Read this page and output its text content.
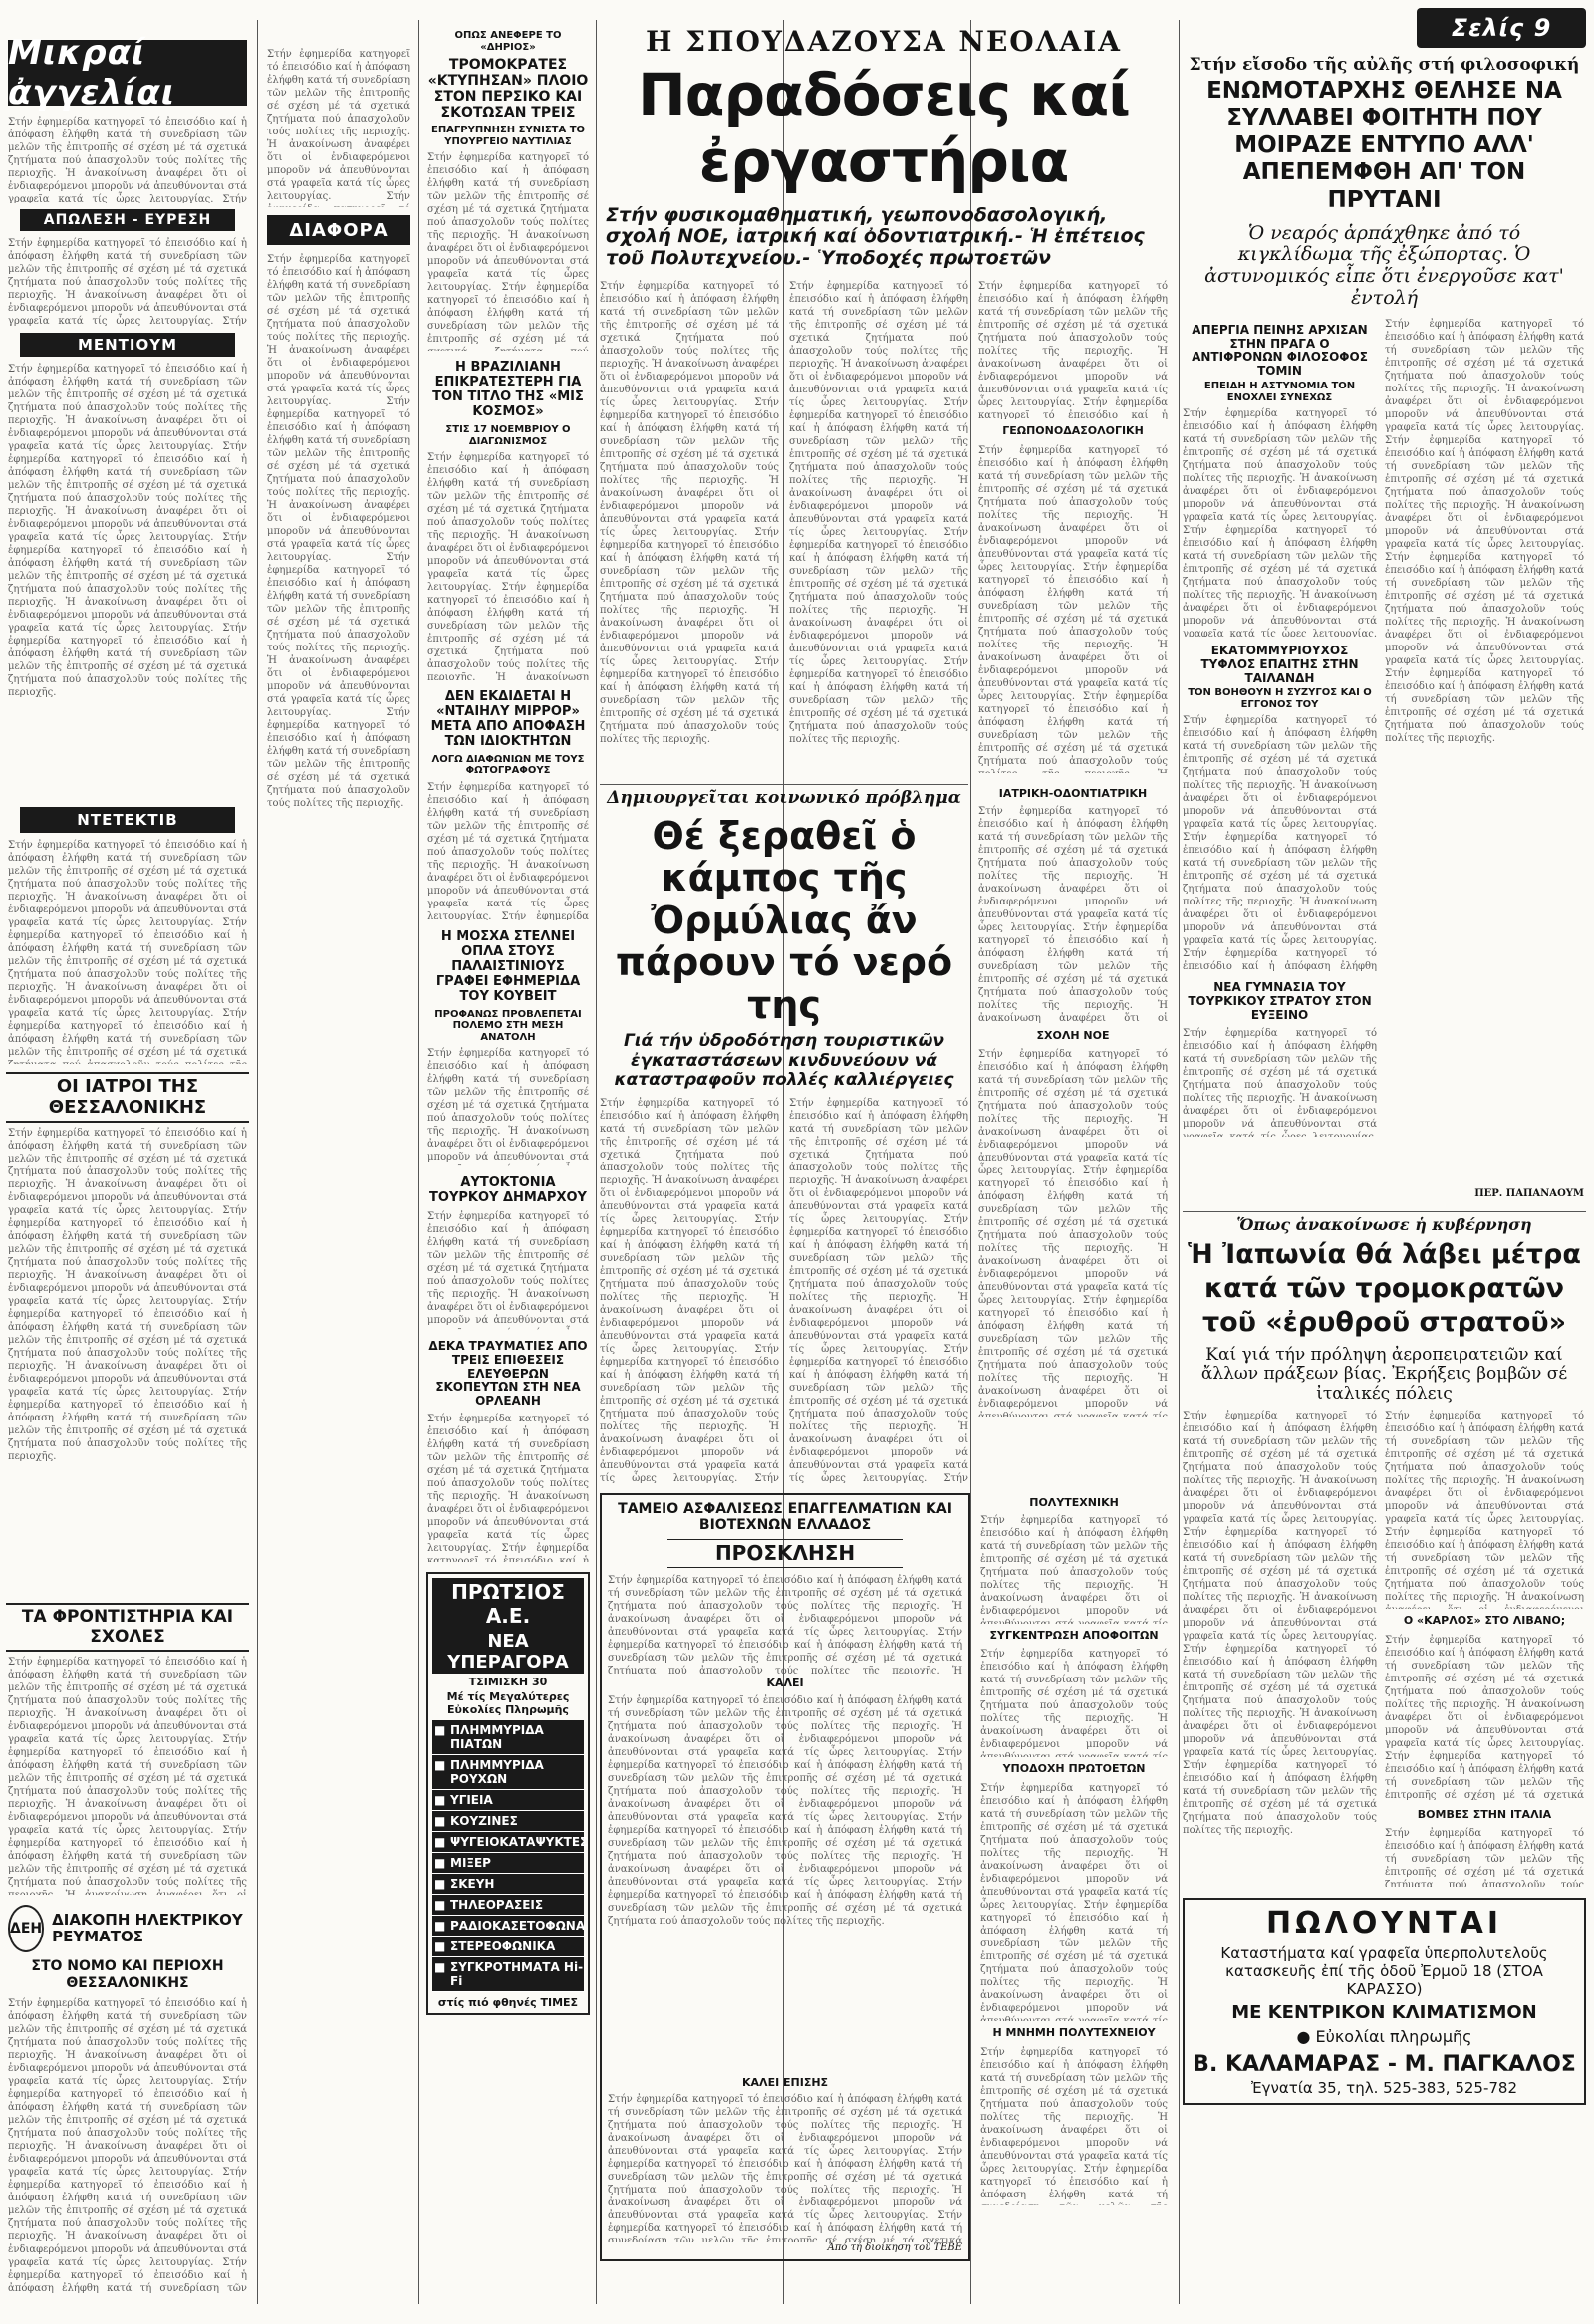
Μικραί ἀγγελίαι
Στήν ἐφημερίδα κατηγορεῖ τό ἐπεισόδιο καί ἡ ἀπόφαση ἐλήφθη κατά τή συνεδρίαση τῶν μελῶν τῆς ἐπιτροπῆς σέ σχέση μέ τά σχετικά ζητήματα πού ἀπασχολοῦν τούς πολίτες τῆς περιοχῆς. Ἡ ἀνακοίνωση ἀναφέρει ὅτι οἱ ἐνδιαφερόμενοι μποροῦν νά ἀπευθύνονται στά γραφεῖα κατά τίς ὧρες λειτουργίας. Στήν ἐφημερίδα κατηγορεῖ τό ἐπεισόδιο καί ἡ ἀπόφαση ἐλήφθη κατά τή συνεδρίαση τῶν μελῶν τῆς ἐπιτροπῆς σέ σχέση μέ τά σχετικά ζητήματα πού ἀπασχολοῦν τούς πολίτες τῆς περιοχῆς. Ἡ ἀνακοίνωση ἀναφέρει ὅτι οἱ ἐνδιαφερόμενοι μποροῦν νά ἀπευθύνονται στά γραφεῖα κατά τίς ὧρες λειτουργίας. Στήν ἐφημερίδα κατηγορεῖ τό ἐπεισόδιο καί ἡ ἀπόφαση ἐλήφθη κατά τή συνεδρίαση τῶν μελῶν τῆς ἐπιτροπῆς σέ σχέση μέ τά σχετικά ζητήματα πού ἀπασχολοῦν τούς πολίτες τῆς περιοχῆς. Ἡ ἀνακοίνωση ἀναφέρει ὅτι οἱ ἐνδιαφερόμενοι μποροῦν νά ἀπευθύνονται στά γραφεῖα κατά τίς ὧρες λειτουργίας. Στήν ἐφημερίδα κατηγορεῖ τό ἐπεισόδιο καί ἡ ἀπόφαση ἐλήφθη κατά τή συνεδρίαση τῶν μελῶν τῆς ἐπιτροπῆς σέ σχέση μέ τά σχετικά ζητήματα πού ἀπασχολοῦν τούς πολίτες τῆς περιοχῆς.
ΑΠΩΛΕΣΗ - ΕΥΡΕΣΗ
Στήν ἐφημερίδα κατηγορεῖ τό ἐπεισόδιο καί ἡ ἀπόφαση ἐλήφθη κατά τή συνεδρίαση τῶν μελῶν τῆς ἐπιτροπῆς σέ σχέση μέ τά σχετικά ζητήματα πού ἀπασχολοῦν τούς πολίτες τῆς περιοχῆς. Ἡ ἀνακοίνωση ἀναφέρει ὅτι οἱ ἐνδιαφερόμενοι μποροῦν νά ἀπευθύνονται στά γραφεῖα κατά τίς ὧρες λειτουργίας. Στήν ἐφημερίδα κατηγορεῖ τό ἐπεισόδιο καί ἡ ἀπόφαση ἐλήφθη κατά τή συνεδρίαση τῶν μελῶν τῆς ἐπιτροπῆς σέ σχέση μέ τά σχετικά ζητήματα πού ἀπασχολοῦν τούς πολίτες τῆς περιοχῆς. Ἡ ἀνακοίνωση ἀναφέρει ὅτι οἱ ἐνδιαφερόμενοι μποροῦν νά ἀπευθύνονται στά γραφεῖα κατά τίς ὧρες λειτουργίας. Στήν ἐφημερίδα κατηγορεῖ τό ἐπεισόδιο καί ἡ ἀπόφαση ἐλήφθη κατά τή συνεδρίαση τῶν μελῶν τῆς ἐπιτροπῆς σέ σχέση μέ τά σχετικά ζητήματα πού ἀπασχολοῦν τούς πολίτες τῆς περιοχῆς. Ἡ ἀνακοίνωση ἀναφέρει ὅτι οἱ ἐνδιαφερόμενοι μποροῦν νά ἀπευθύνονται στά γραφεῖα κατά τίς ὧρες λειτουργίας. Στήν ἐφημερίδα κατηγορεῖ τό ἐπεισόδιο καί ἡ ἀπόφαση ἐλήφθη κατά τή συνεδρίαση τῶν μελῶν τῆς ἐπιτροπῆς σέ σχέση μέ τά σχετικά ζητήματα πού ἀπασχολοῦν τούς πολίτες τῆς περιοχῆς.
ΜΕΝΤΙΟΥΜ
Στήν ἐφημερίδα κατηγορεῖ τό ἐπεισόδιο καί ἡ ἀπόφαση ἐλήφθη κατά τή συνεδρίαση τῶν μελῶν τῆς ἐπιτροπῆς σέ σχέση μέ τά σχετικά ζητήματα πού ἀπασχολοῦν τούς πολίτες τῆς περιοχῆς. Ἡ ἀνακοίνωση ἀναφέρει ὅτι οἱ ἐνδιαφερόμενοι μποροῦν νά ἀπευθύνονται στά γραφεῖα κατά τίς ὧρες λειτουργίας. Στήν ἐφημερίδα κατηγορεῖ τό ἐπεισόδιο καί ἡ ἀπόφαση ἐλήφθη κατά τή συνεδρίαση τῶν μελῶν τῆς ἐπιτροπῆς σέ σχέση μέ τά σχετικά ζητήματα πού ἀπασχολοῦν τούς πολίτες τῆς περιοχῆς. Ἡ ἀνακοίνωση ἀναφέρει ὅτι οἱ ἐνδιαφερόμενοι μποροῦν νά ἀπευθύνονται στά γραφεῖα κατά τίς ὧρες λειτουργίας. Στήν ἐφημερίδα κατηγορεῖ τό ἐπεισόδιο καί ἡ ἀπόφαση ἐλήφθη κατά τή συνεδρίαση τῶν μελῶν τῆς ἐπιτροπῆς σέ σχέση μέ τά σχετικά ζητήματα πού ἀπασχολοῦν τούς πολίτες τῆς περιοχῆς. Ἡ ἀνακοίνωση ἀναφέρει ὅτι οἱ ἐνδιαφερόμενοι μποροῦν νά ἀπευθύνονται στά γραφεῖα κατά τίς ὧρες λειτουργίας. Στήν ἐφημερίδα κατηγορεῖ τό ἐπεισόδιο καί ἡ ἀπόφαση ἐλήφθη κατά τή συνεδρίαση τῶν μελῶν τῆς ἐπιτροπῆς σέ σχέση μέ τά σχετικά ζητήματα πού ἀπασχολοῦν τούς πολίτες τῆς περιοχῆς.
ΝΤΕΤΕΚΤΙΒ
Στήν ἐφημερίδα κατηγορεῖ τό ἐπεισόδιο καί ἡ ἀπόφαση ἐλήφθη κατά τή συνεδρίαση τῶν μελῶν τῆς ἐπιτροπῆς σέ σχέση μέ τά σχετικά ζητήματα πού ἀπασχολοῦν τούς πολίτες τῆς περιοχῆς. Ἡ ἀνακοίνωση ἀναφέρει ὅτι οἱ ἐνδιαφερόμενοι μποροῦν νά ἀπευθύνονται στά γραφεῖα κατά τίς ὧρες λειτουργίας. Στήν ἐφημερίδα κατηγορεῖ τό ἐπεισόδιο καί ἡ ἀπόφαση ἐλήφθη κατά τή συνεδρίαση τῶν μελῶν τῆς ἐπιτροπῆς σέ σχέση μέ τά σχετικά ζητήματα πού ἀπασχολοῦν τούς πολίτες τῆς περιοχῆς. Ἡ ἀνακοίνωση ἀναφέρει ὅτι οἱ ἐνδιαφερόμενοι μποροῦν νά ἀπευθύνονται στά γραφεῖα κατά τίς ὧρες λειτουργίας. Στήν ἐφημερίδα κατηγορεῖ τό ἐπεισόδιο καί ἡ ἀπόφαση ἐλήφθη κατά τή συνεδρίαση τῶν μελῶν τῆς ἐπιτροπῆς σέ σχέση μέ τά σχετικά ζητήματα πού ἀπασχολοῦν τούς πολίτες τῆς περιοχῆς. Ἡ ἀνακοίνωση ἀναφέρει ὅτι οἱ ἐνδιαφερόμενοι μποροῦν νά ἀπευθύνονται στά γραφεῖα κατά τίς ὧρες λειτουργίας. Στήν ἐφημερίδα κατηγορεῖ τό ἐπεισόδιο καί ἡ ἀπόφαση ἐλήφθη κατά τή συνεδρίαση τῶν μελῶν τῆς ἐπιτροπῆς σέ σχέση μέ τά σχετικά ζητήματα πού ἀπασχολοῦν τούς πολίτες τῆς περιοχῆς.
ΟΙ ΙΑΤΡΟΙ ΤΗΣ ΘΕΣΣΑΛΟΝΙΚΗΣ
Στήν ἐφημερίδα κατηγορεῖ τό ἐπεισόδιο καί ἡ ἀπόφαση ἐλήφθη κατά τή συνεδρίαση τῶν μελῶν τῆς ἐπιτροπῆς σέ σχέση μέ τά σχετικά ζητήματα πού ἀπασχολοῦν τούς πολίτες τῆς περιοχῆς. Ἡ ἀνακοίνωση ἀναφέρει ὅτι οἱ ἐνδιαφερόμενοι μποροῦν νά ἀπευθύνονται στά γραφεῖα κατά τίς ὧρες λειτουργίας. Στήν ἐφημερίδα κατηγορεῖ τό ἐπεισόδιο καί ἡ ἀπόφαση ἐλήφθη κατά τή συνεδρίαση τῶν μελῶν τῆς ἐπιτροπῆς σέ σχέση μέ τά σχετικά ζητήματα πού ἀπασχολοῦν τούς πολίτες τῆς περιοχῆς. Ἡ ἀνακοίνωση ἀναφέρει ὅτι οἱ ἐνδιαφερόμενοι μποροῦν νά ἀπευθύνονται στά γραφεῖα κατά τίς ὧρες λειτουργίας. Στήν ἐφημερίδα κατηγορεῖ τό ἐπεισόδιο καί ἡ ἀπόφαση ἐλήφθη κατά τή συνεδρίαση τῶν μελῶν τῆς ἐπιτροπῆς σέ σχέση μέ τά σχετικά ζητήματα πού ἀπασχολοῦν τούς πολίτες τῆς περιοχῆς. Ἡ ἀνακοίνωση ἀναφέρει ὅτι οἱ ἐνδιαφερόμενοι μποροῦν νά ἀπευθύνονται στά γραφεῖα κατά τίς ὧρες λειτουργίας. Στήν ἐφημερίδα κατηγορεῖ τό ἐπεισόδιο καί ἡ ἀπόφαση ἐλήφθη κατά τή συνεδρίαση τῶν μελῶν τῆς ἐπιτροπῆς σέ σχέση μέ τά σχετικά ζητήματα πού ἀπασχολοῦν τούς πολίτες τῆς περιοχῆς.
ΤΑ ΦΡΟΝΤΙΣΤΗΡΙΑ ΚΑΙ ΣΧΟΛΕΣ
Στήν ἐφημερίδα κατηγορεῖ τό ἐπεισόδιο καί ἡ ἀπόφαση ἐλήφθη κατά τή συνεδρίαση τῶν μελῶν τῆς ἐπιτροπῆς σέ σχέση μέ τά σχετικά ζητήματα πού ἀπασχολοῦν τούς πολίτες τῆς περιοχῆς. Ἡ ἀνακοίνωση ἀναφέρει ὅτι οἱ ἐνδιαφερόμενοι μποροῦν νά ἀπευθύνονται στά γραφεῖα κατά τίς ὧρες λειτουργίας. Στήν ἐφημερίδα κατηγορεῖ τό ἐπεισόδιο καί ἡ ἀπόφαση ἐλήφθη κατά τή συνεδρίαση τῶν μελῶν τῆς ἐπιτροπῆς σέ σχέση μέ τά σχετικά ζητήματα πού ἀπασχολοῦν τούς πολίτες τῆς περιοχῆς. Ἡ ἀνακοίνωση ἀναφέρει ὅτι οἱ ἐνδιαφερόμενοι μποροῦν νά ἀπευθύνονται στά γραφεῖα κατά τίς ὧρες λειτουργίας. Στήν ἐφημερίδα κατηγορεῖ τό ἐπεισόδιο καί ἡ ἀπόφαση ἐλήφθη κατά τή συνεδρίαση τῶν μελῶν τῆς ἐπιτροπῆς σέ σχέση μέ τά σχετικά ζητήματα πού ἀπασχολοῦν τούς πολίτες τῆς περιοχῆς. Ἡ ἀνακοίνωση ἀναφέρει ὅτι οἱ ἐνδιαφερόμενοι μποροῦν νά ἀπευθύνονται στά γραφεῖα κατά τίς ὧρες λειτουργίας. Στήν ἐφημερίδα κατηγορεῖ τό ἐπεισόδιο καί ἡ ἀπόφαση ἐλήφθη κατά τή συνεδρίαση τῶν μελῶν τῆς ἐπιτροπῆς σέ σχέση μέ τά σχετικά ζητήματα πού ἀπασχολοῦν τούς πολίτες τῆς περιοχῆς.
ΔΕΗ
ΔΙΑΚΟΠΗ ΗΛΕΚΤΡΙΚΟΥ ΡΕΥΜΑΤΟΣ
ΣΤΟ ΝΟΜΟ ΚΑΙ ΠΕΡΙΟΧΗ ΘΕΣΣΑΛΟΝΙΚΗΣ
Στήν ἐφημερίδα κατηγορεῖ τό ἐπεισόδιο καί ἡ ἀπόφαση ἐλήφθη κατά τή συνεδρίαση τῶν μελῶν τῆς ἐπιτροπῆς σέ σχέση μέ τά σχετικά ζητήματα πού ἀπασχολοῦν τούς πολίτες τῆς περιοχῆς. Ἡ ἀνακοίνωση ἀναφέρει ὅτι οἱ ἐνδιαφερόμενοι μποροῦν νά ἀπευθύνονται στά γραφεῖα κατά τίς ὧρες λειτουργίας. Στήν ἐφημερίδα κατηγορεῖ τό ἐπεισόδιο καί ἡ ἀπόφαση ἐλήφθη κατά τή συνεδρίαση τῶν μελῶν τῆς ἐπιτροπῆς σέ σχέση μέ τά σχετικά ζητήματα πού ἀπασχολοῦν τούς πολίτες τῆς περιοχῆς. Ἡ ἀνακοίνωση ἀναφέρει ὅτι οἱ ἐνδιαφερόμενοι μποροῦν νά ἀπευθύνονται στά γραφεῖα κατά τίς ὧρες λειτουργίας. Στήν ἐφημερίδα κατηγορεῖ τό ἐπεισόδιο καί ἡ ἀπόφαση ἐλήφθη κατά τή συνεδρίαση τῶν μελῶν τῆς ἐπιτροπῆς σέ σχέση μέ τά σχετικά ζητήματα πού ἀπασχολοῦν τούς πολίτες τῆς περιοχῆς. Ἡ ἀνακοίνωση ἀναφέρει ὅτι οἱ ἐνδιαφερόμενοι μποροῦν νά ἀπευθύνονται στά γραφεῖα κατά τίς ὧρες λειτουργίας. Στήν ἐφημερίδα κατηγορεῖ τό ἐπεισόδιο καί ἡ ἀπόφαση ἐλήφθη κατά τή συνεδρίαση τῶν μελῶν τῆς ἐπιτροπῆς σέ σχέση μέ τά σχετικά ζητήματα πού ἀπασχολοῦν τούς πολίτες τῆς περιοχῆς.
Στήν ἐφημερίδα κατηγορεῖ τό ἐπεισόδιο καί ἡ ἀπόφαση ἐλήφθη κατά τή συνεδρίαση τῶν μελῶν τῆς ἐπιτροπῆς σέ σχέση μέ τά σχετικά ζητήματα πού ἀπασχολοῦν τούς πολίτες τῆς περιοχῆς. Ἡ ἀνακοίνωση ἀναφέρει ὅτι οἱ ἐνδιαφερόμενοι μποροῦν νά ἀπευθύνονται στά γραφεῖα κατά τίς ὧρες λειτουργίας. Στήν ἐφημερίδα κατηγορεῖ τό ἐπεισόδιο καί ἡ ἀπόφαση ἐλήφθη κατά τή συνεδρίαση τῶν μελῶν τῆς ἐπιτροπῆς σέ σχέση μέ τά σχετικά ζητήματα πού ἀπασχολοῦν τούς πολίτες τῆς περιοχῆς. Ἡ ἀνακοίνωση ἀναφέρει ὅτι οἱ ἐνδιαφερόμενοι μποροῦν νά ἀπευθύνονται στά γραφεῖα κατά τίς ὧρες λειτουργίας. Στήν ἐφημερίδα κατηγορεῖ τό ἐπεισόδιο καί ἡ ἀπόφαση ἐλήφθη κατά τή συνεδρίαση τῶν μελῶν τῆς ἐπιτροπῆς σέ σχέση μέ τά σχετικά ζητήματα πού ἀπασχολοῦν τούς πολίτες τῆς περιοχῆς. Ἡ ἀνακοίνωση ἀναφέρει ὅτι οἱ ἐνδιαφερόμενοι μποροῦν νά ἀπευθύνονται στά γραφεῖα κατά τίς ὧρες λειτουργίας. Στήν ἐφημερίδα κατηγορεῖ τό ἐπεισόδιο καί ἡ ἀπόφαση ἐλήφθη κατά τή συνεδρίαση τῶν μελῶν τῆς ἐπιτροπῆς σέ σχέση μέ τά σχετικά ζητήματα πού ἀπασχολοῦν τούς πολίτες τῆς περιοχῆς.
ΔΙΑΦΟΡΑ
Στήν ἐφημερίδα κατηγορεῖ τό ἐπεισόδιο καί ἡ ἀπόφαση ἐλήφθη κατά τή συνεδρίαση τῶν μελῶν τῆς ἐπιτροπῆς σέ σχέση μέ τά σχετικά ζητήματα πού ἀπασχολοῦν τούς πολίτες τῆς περιοχῆς. Ἡ ἀνακοίνωση ἀναφέρει ὅτι οἱ ἐνδιαφερόμενοι μποροῦν νά ἀπευθύνονται στά γραφεῖα κατά τίς ὧρες λειτουργίας. Στήν ἐφημερίδα κατηγορεῖ τό ἐπεισόδιο καί ἡ ἀπόφαση ἐλήφθη κατά τή συνεδρίαση τῶν μελῶν τῆς ἐπιτροπῆς σέ σχέση μέ τά σχετικά ζητήματα πού ἀπασχολοῦν τούς πολίτες τῆς περιοχῆς. Ἡ ἀνακοίνωση ἀναφέρει ὅτι οἱ ἐνδιαφερόμενοι μποροῦν νά ἀπευθύνονται στά γραφεῖα κατά τίς ὧρες λειτουργίας. Στήν ἐφημερίδα κατηγορεῖ τό ἐπεισόδιο καί ἡ ἀπόφαση ἐλήφθη κατά τή συνεδρίαση τῶν μελῶν τῆς ἐπιτροπῆς σέ σχέση μέ τά σχετικά ζητήματα πού ἀπασχολοῦν τούς πολίτες τῆς περιοχῆς. Ἡ ἀνακοίνωση ἀναφέρει ὅτι οἱ ἐνδιαφερόμενοι μποροῦν νά ἀπευθύνονται στά γραφεῖα κατά τίς ὧρες λειτουργίας. Στήν ἐφημερίδα κατηγορεῖ τό ἐπεισόδιο καί ἡ ἀπόφαση ἐλήφθη κατά τή συνεδρίαση τῶν μελῶν τῆς ἐπιτροπῆς σέ σχέση μέ τά σχετικά ζητήματα πού ἀπασχολοῦν τούς πολίτες τῆς περιοχῆς.
ΟΠΩΣ ΑΝΕΦΕΡΕ ΤΟ «ΔΗΡΙΟΣ»
ΤΡΟΜΟΚΡΑΤΕΣ «ΚΤΥΠΗΣΑΝ» ΠΛΟΙΟ ΣΤΟΝ ΠΕΡΣΙΚΟ ΚΑΙ ΣΚΟΤΩΣΑΝ ΤΡΕΙΣ
ΕΠΑΓΡΥΠΝΗΣΗ ΣΥΝΙΣΤΑ ΤΟ ΥΠΟΥΡΓΕΙΟ ΝΑΥΤΙΛΙΑΣ
Στήν ἐφημερίδα κατηγορεῖ τό ἐπεισόδιο καί ἡ ἀπόφαση ἐλήφθη κατά τή συνεδρίαση τῶν μελῶν τῆς ἐπιτροπῆς σέ σχέση μέ τά σχετικά ζητήματα πού ἀπασχολοῦν τούς πολίτες τῆς περιοχῆς. Ἡ ἀνακοίνωση ἀναφέρει ὅτι οἱ ἐνδιαφερόμενοι μποροῦν νά ἀπευθύνονται στά γραφεῖα κατά τίς ὧρες λειτουργίας. Στήν ἐφημερίδα κατηγορεῖ τό ἐπεισόδιο καί ἡ ἀπόφαση ἐλήφθη κατά τή συνεδρίαση τῶν μελῶν τῆς ἐπιτροπῆς σέ σχέση μέ τά σχετικά ζητήματα πού ἀπασχολοῦν τούς πολίτες τῆς περιοχῆς. Ἡ ἀνακοίνωση ἀναφέρει ὅτι οἱ ἐνδιαφερόμενοι μποροῦν νά ἀπευθύνονται στά γραφεῖα κατά τίς ὧρες λειτουργίας. Στήν ἐφημερίδα κατηγορεῖ τό ἐπεισόδιο καί ἡ ἀπόφαση ἐλήφθη κατά τή συνεδρίαση τῶν μελῶν τῆς ἐπιτροπῆς σέ σχέση μέ τά σχετικά ζητήματα πού ἀπασχολοῦν τούς πολίτες τῆς περιοχῆς. Ἡ ἀνακοίνωση ἀναφέρει ὅτι οἱ ἐνδιαφερόμενοι μποροῦν νά ἀπευθύνονται στά γραφεῖα κατά τίς ὧρες λειτουργίας. Στήν ἐφημερίδα κατηγορεῖ τό ἐπεισόδιο καί ἡ ἀπόφαση ἐλήφθη κατά τή συνεδρίαση τῶν μελῶν τῆς ἐπιτροπῆς σέ σχέση μέ τά σχετικά ζητήματα πού ἀπασχολοῦν τούς πολίτες τῆς περιοχῆς.
Η ΒΡΑΖΙΛΙΑΝΗ ΕΠΙΚΡΑΤΕΣΤΕΡΗ ΓΙΑ ΤΟΝ ΤΙΤΛΟ ΤΗΣ «ΜΙΣ ΚΟΣΜΟΣ»
ΣΤΙΣ 17 ΝΟΕΜΒΡΙΟΥ Ο ΔΙΑΓΩΝΙΣΜΟΣ
Στήν ἐφημερίδα κατηγορεῖ τό ἐπεισόδιο καί ἡ ἀπόφαση ἐλήφθη κατά τή συνεδρίαση τῶν μελῶν τῆς ἐπιτροπῆς σέ σχέση μέ τά σχετικά ζητήματα πού ἀπασχολοῦν τούς πολίτες τῆς περιοχῆς. Ἡ ἀνακοίνωση ἀναφέρει ὅτι οἱ ἐνδιαφερόμενοι μποροῦν νά ἀπευθύνονται στά γραφεῖα κατά τίς ὧρες λειτουργίας. Στήν ἐφημερίδα κατηγορεῖ τό ἐπεισόδιο καί ἡ ἀπόφαση ἐλήφθη κατά τή συνεδρίαση τῶν μελῶν τῆς ἐπιτροπῆς σέ σχέση μέ τά σχετικά ζητήματα πού ἀπασχολοῦν τούς πολίτες τῆς περιοχῆς. Ἡ ἀνακοίνωση ἀναφέρει ὅτι οἱ ἐνδιαφερόμενοι μποροῦν νά ἀπευθύνονται στά γραφεῖα κατά τίς ὧρες λειτουργίας. Στήν ἐφημερίδα κατηγορεῖ τό ἐπεισόδιο καί ἡ ἀπόφαση ἐλήφθη κατά τή συνεδρίαση τῶν μελῶν τῆς ἐπιτροπῆς σέ σχέση μέ τά σχετικά ζητήματα πού ἀπασχολοῦν τούς πολίτες τῆς περιοχῆς. Ἡ ἀνακοίνωση ἀναφέρει ὅτι οἱ ἐνδιαφερόμενοι μποροῦν νά ἀπευθύνονται στά γραφεῖα κατά τίς ὧρες λειτουργίας. Στήν ἐφημερίδα κατηγορεῖ τό ἐπεισόδιο καί ἡ ἀπόφαση ἐλήφθη κατά τή συνεδρίαση τῶν μελῶν τῆς ἐπιτροπῆς σέ σχέση μέ τά σχετικά ζητήματα πού ἀπασχολοῦν τούς πολίτες τῆς περιοχῆς.
ΔΕΝ ΕΚΔΙΔΕΤΑΙ Η «ΝΤΑΙΗΛΥ ΜΙΡΡΟΡ» ΜΕΤΑ ΑΠΟ ΑΠΟΦΑΣΗ ΤΩΝ ΙΔΙΟΚΤΗΤΩΝ
ΛΟΓΩ ΔΙΑΦΩΝΙΩΝ ΜΕ ΤΟΥΣ ΦΩΤΟΓΡΑΦΟΥΣ
Στήν ἐφημερίδα κατηγορεῖ τό ἐπεισόδιο καί ἡ ἀπόφαση ἐλήφθη κατά τή συνεδρίαση τῶν μελῶν τῆς ἐπιτροπῆς σέ σχέση μέ τά σχετικά ζητήματα πού ἀπασχολοῦν τούς πολίτες τῆς περιοχῆς. Ἡ ἀνακοίνωση ἀναφέρει ὅτι οἱ ἐνδιαφερόμενοι μποροῦν νά ἀπευθύνονται στά γραφεῖα κατά τίς ὧρες λειτουργίας. Στήν ἐφημερίδα κατηγορεῖ τό ἐπεισόδιο καί ἡ ἀπόφαση ἐλήφθη κατά τή συνεδρίαση τῶν μελῶν τῆς ἐπιτροπῆς σέ σχέση μέ τά σχετικά ζητήματα πού ἀπασχολοῦν τούς πολίτες τῆς περιοχῆς. Ἡ ἀνακοίνωση ἀναφέρει ὅτι οἱ ἐνδιαφερόμενοι μποροῦν νά ἀπευθύνονται στά γραφεῖα κατά τίς ὧρες λειτουργίας. Στήν ἐφημερίδα κατηγορεῖ τό ἐπεισόδιο καί ἡ ἀπόφαση ἐλήφθη κατά τή συνεδρίαση τῶν μελῶν τῆς ἐπιτροπῆς σέ σχέση μέ τά σχετικά ζητήματα πού ἀπασχολοῦν τούς πολίτες τῆς περιοχῆς. Ἡ ἀνακοίνωση ἀναφέρει ὅτι οἱ ἐνδιαφερόμενοι μποροῦν νά ἀπευθύνονται στά γραφεῖα κατά τίς ὧρες λειτουργίας. Στήν ἐφημερίδα κατηγορεῖ τό ἐπεισόδιο καί ἡ ἀπόφαση ἐλήφθη κατά τή συνεδρίαση τῶν μελῶν τῆς ἐπιτροπῆς σέ σχέση μέ τά σχετικά ζητήματα πού ἀπασχολοῦν τούς πολίτες τῆς περιοχῆς.
Η ΜΟΣΧΑ ΣΤΕΛΝΕΙ ΟΠΛΑ ΣΤΟΥΣ ΠΑΛΑΙΣΤΙΝΙΟΥΣ ΓΡΑΦΕΙ ΕΦΗΜΕΡΙΔΑ ΤΟΥ ΚΟΥΒΕΙΤ
ΠΡΟΦΑΝΩΣ ΠΡΟΒΛΕΠΕΤΑΙ ΠΟΛΕΜΟ ΣΤΗ ΜΕΣΗ ΑΝΑΤΟΛΗ
Στήν ἐφημερίδα κατηγορεῖ τό ἐπεισόδιο καί ἡ ἀπόφαση ἐλήφθη κατά τή συνεδρίαση τῶν μελῶν τῆς ἐπιτροπῆς σέ σχέση μέ τά σχετικά ζητήματα πού ἀπασχολοῦν τούς πολίτες τῆς περιοχῆς. Ἡ ἀνακοίνωση ἀναφέρει ὅτι οἱ ἐνδιαφερόμενοι μποροῦν νά ἀπευθύνονται στά γραφεῖα κατά τίς ὧρες λειτουργίας. Στήν ἐφημερίδα κατηγορεῖ τό ἐπεισόδιο καί ἡ ἀπόφαση ἐλήφθη κατά τή συνεδρίαση τῶν μελῶν τῆς ἐπιτροπῆς σέ σχέση μέ τά σχετικά ζητήματα πού ἀπασχολοῦν τούς πολίτες τῆς περιοχῆς. Ἡ ἀνακοίνωση ἀναφέρει ὅτι οἱ ἐνδιαφερόμενοι μποροῦν νά ἀπευθύνονται στά γραφεῖα κατά τίς ὧρες λειτουργίας. Στήν ἐφημερίδα κατηγορεῖ τό ἐπεισόδιο καί ἡ ἀπόφαση ἐλήφθη κατά τή συνεδρίαση τῶν μελῶν τῆς ἐπιτροπῆς σέ σχέση μέ τά σχετικά ζητήματα πού ἀπασχολοῦν τούς πολίτες τῆς περιοχῆς. Ἡ ἀνακοίνωση ἀναφέρει ὅτι οἱ ἐνδιαφερόμενοι μποροῦν νά ἀπευθύνονται στά γραφεῖα κατά τίς ὧρες λειτουργίας. Στήν ἐφημερίδα κατηγορεῖ τό ἐπεισόδιο καί ἡ ἀπόφαση ἐλήφθη κατά τή συνεδρίαση τῶν μελῶν τῆς ἐπιτροπῆς σέ σχέση μέ τά σχετικά ζητήματα πού ἀπασχολοῦν τούς πολίτες τῆς περιοχῆς.
ΑΥΤΟΚΤΟΝΙΑ ΤΟΥΡΚΟΥ ΔΗΜΑΡΧΟΥ
Στήν ἐφημερίδα κατηγορεῖ τό ἐπεισόδιο καί ἡ ἀπόφαση ἐλήφθη κατά τή συνεδρίαση τῶν μελῶν τῆς ἐπιτροπῆς σέ σχέση μέ τά σχετικά ζητήματα πού ἀπασχολοῦν τούς πολίτες τῆς περιοχῆς. Ἡ ἀνακοίνωση ἀναφέρει ὅτι οἱ ἐνδιαφερόμενοι μποροῦν νά ἀπευθύνονται στά γραφεῖα κατά τίς ὧρες λειτουργίας. Στήν ἐφημερίδα κατηγορεῖ τό ἐπεισόδιο καί ἡ ἀπόφαση ἐλήφθη κατά τή συνεδρίαση τῶν μελῶν τῆς ἐπιτροπῆς σέ σχέση μέ τά σχετικά ζητήματα πού ἀπασχολοῦν τούς πολίτες τῆς περιοχῆς. Ἡ ἀνακοίνωση ἀναφέρει ὅτι οἱ ἐνδιαφερόμενοι μποροῦν νά ἀπευθύνονται στά γραφεῖα κατά τίς ὧρες λειτουργίας. Στήν ἐφημερίδα κατηγορεῖ τό ἐπεισόδιο καί ἡ ἀπόφαση ἐλήφθη κατά τή συνεδρίαση τῶν μελῶν τῆς ἐπιτροπῆς σέ σχέση μέ τά σχετικά ζητήματα πού ἀπασχολοῦν τούς πολίτες τῆς περιοχῆς. Ἡ ἀνακοίνωση ἀναφέρει ὅτι οἱ ἐνδιαφερόμενοι μποροῦν νά ἀπευθύνονται στά γραφεῖα κατά τίς ὧρες λειτουργίας. Στήν ἐφημερίδα κατηγορεῖ τό ἐπεισόδιο καί ἡ ἀπόφαση ἐλήφθη κατά τή συνεδρίαση τῶν μελῶν τῆς ἐπιτροπῆς σέ σχέση μέ τά σχετικά ζητήματα πού ἀπασχολοῦν τούς πολίτες τῆς περιοχῆς.
ΔΕΚΑ ΤΡΑΥΜΑΤΙΕΣ ΑΠΟ ΤΡΕΙΣ ΕΠΙΘΕΣΕΙΣ ΕΛΕΥΘΕΡΩΝ ΣΚΟΠΕΥΤΩΝ ΣΤΗ ΝΕΑ ΟΡΛΕΑΝΗ
Στήν ἐφημερίδα κατηγορεῖ τό ἐπεισόδιο καί ἡ ἀπόφαση ἐλήφθη κατά τή συνεδρίαση τῶν μελῶν τῆς ἐπιτροπῆς σέ σχέση μέ τά σχετικά ζητήματα πού ἀπασχολοῦν τούς πολίτες τῆς περιοχῆς. Ἡ ἀνακοίνωση ἀναφέρει ὅτι οἱ ἐνδιαφερόμενοι μποροῦν νά ἀπευθύνονται στά γραφεῖα κατά τίς ὧρες λειτουργίας. Στήν ἐφημερίδα κατηγορεῖ τό ἐπεισόδιο καί ἡ ἀπόφαση ἐλήφθη κατά τή συνεδρίαση τῶν μελῶν τῆς ἐπιτροπῆς σέ σχέση μέ τά σχετικά ζητήματα πού ἀπασχολοῦν τούς πολίτες τῆς περιοχῆς. Ἡ ἀνακοίνωση ἀναφέρει ὅτι οἱ ἐνδιαφερόμενοι μποροῦν νά ἀπευθύνονται στά γραφεῖα κατά τίς ὧρες λειτουργίας. Στήν ἐφημερίδα κατηγορεῖ τό ἐπεισόδιο καί ἡ ἀπόφαση ἐλήφθη κατά τή συνεδρίαση τῶν μελῶν τῆς ἐπιτροπῆς σέ σχέση μέ τά σχετικά ζητήματα πού ἀπασχολοῦν τούς πολίτες τῆς περιοχῆς. Ἡ ἀνακοίνωση ἀναφέρει ὅτι οἱ ἐνδιαφερόμενοι μποροῦν νά ἀπευθύνονται στά γραφεῖα κατά τίς ὧρες λειτουργίας. Στήν ἐφημερίδα κατηγορεῖ τό ἐπεισόδιο καί ἡ ἀπόφαση ἐλήφθη κατά τή συνεδρίαση τῶν μελῶν τῆς ἐπιτροπῆς σέ σχέση μέ τά σχετικά ζητήματα πού ἀπασχολοῦν τούς πολίτες τῆς περιοχῆς.
ΠΡΩΤΣΙΟΣ Α.Ε.
ΝΕΑ ΥΠΕΡΑΓΟΡΑ
ΤΣΙΜΙΣΚΗ 30
Μέ τίς Μεγαλύτερες
Εὐκολίες Πληρωμῆς
■ ΠΛΗΜΜΥΡΙΔΑ ΠΙΑΤΩΝ
■ ΠΛΗΜΜΥΡΙΔΑ ΡΟΥΧΩΝ
■ ΥΓΙΕΙΑ
■ ΚΟΥΖΙΝΕΣ
■ ΨΥΓΕΙΟΚΑΤΑΨΥΚΤΕΣ
■ ΜΙΞΕΡ
■ ΣΚΕΥΗ
■ ΤΗΛΕΟΡΑΣΕΙΣ
■ ΡΑΔΙΟΚΑΣΕΤΟΦΩΝΑ
■ ΣΤΕΡΕΟΦΩΝΙΚΑ
■ ΣΥΓΚΡΟΤΗΜΑΤΑ Hi-Fi
στίς πιό φθηνές ΤΙΜΕΣ
Η ΣΠΟΥΔΑΖΟΥΣΑ ΝΕΟΛΑΙΑ
Παραδόσεις καί ἐργαστήρια
Στήν φυσικομαθηματική, γεωπονοδασολογική, σχολή ΝΟΕ, ἰατρική καί ὀδοντιατρική.- Ἡ ἐπέτειος τοῦ Πολυτεχνείου.- Ὑποδοχές πρωτοετῶν
Στήν ἐφημερίδα κατηγορεῖ τό ἐπεισόδιο καί ἡ ἀπόφαση ἐλήφθη κατά τή συνεδρίαση τῶν μελῶν τῆς ἐπιτροπῆς σέ σχέση μέ τά σχετικά ζητήματα πού ἀπασχολοῦν τούς πολίτες τῆς περιοχῆς. Ἡ ἀνακοίνωση ἀναφέρει ὅτι οἱ ἐνδιαφερόμενοι μποροῦν νά ἀπευθύνονται στά γραφεῖα κατά τίς ὧρες λειτουργίας. Στήν ἐφημερίδα κατηγορεῖ τό ἐπεισόδιο καί ἡ ἀπόφαση ἐλήφθη κατά τή συνεδρίαση τῶν μελῶν τῆς ἐπιτροπῆς σέ σχέση μέ τά σχετικά ζητήματα πού ἀπασχολοῦν τούς πολίτες τῆς περιοχῆς. Ἡ ἀνακοίνωση ἀναφέρει ὅτι οἱ ἐνδιαφερόμενοι μποροῦν νά ἀπευθύνονται στά γραφεῖα κατά τίς ὧρες λειτουργίας. Στήν ἐφημερίδα κατηγορεῖ τό ἐπεισόδιο καί ἡ ἀπόφαση ἐλήφθη κατά τή συνεδρίαση τῶν μελῶν τῆς ἐπιτροπῆς σέ σχέση μέ τά σχετικά ζητήματα πού ἀπασχολοῦν τούς πολίτες τῆς περιοχῆς. Ἡ ἀνακοίνωση ἀναφέρει ὅτι οἱ ἐνδιαφερόμενοι μποροῦν νά ἀπευθύνονται στά γραφεῖα κατά τίς ὧρες λειτουργίας. Στήν ἐφημερίδα κατηγορεῖ τό ἐπεισόδιο καί ἡ ἀπόφαση ἐλήφθη κατά τή συνεδρίαση τῶν μελῶν τῆς ἐπιτροπῆς σέ σχέση μέ τά σχετικά ζητήματα πού ἀπασχολοῦν τούς πολίτες τῆς περιοχῆς.
Στήν ἐφημερίδα κατηγορεῖ τό ἐπεισόδιο καί ἡ ἀπόφαση ἐλήφθη κατά τή συνεδρίαση τῶν μελῶν τῆς ἐπιτροπῆς σέ σχέση μέ τά σχετικά ζητήματα πού ἀπασχολοῦν τούς πολίτες τῆς περιοχῆς. Ἡ ἀνακοίνωση ἀναφέρει ὅτι οἱ ἐνδιαφερόμενοι μποροῦν νά ἀπευθύνονται στά γραφεῖα κατά τίς ὧρες λειτουργίας. Στήν ἐφημερίδα κατηγορεῖ τό ἐπεισόδιο καί ἡ ἀπόφαση ἐλήφθη κατά τή συνεδρίαση τῶν μελῶν τῆς ἐπιτροπῆς σέ σχέση μέ τά σχετικά ζητήματα πού ἀπασχολοῦν τούς πολίτες τῆς περιοχῆς. Ἡ ἀνακοίνωση ἀναφέρει ὅτι οἱ ἐνδιαφερόμενοι μποροῦν νά ἀπευθύνονται στά γραφεῖα κατά τίς ὧρες λειτουργίας. Στήν ἐφημερίδα κατηγορεῖ τό ἐπεισόδιο καί ἡ ἀπόφαση ἐλήφθη κατά τή συνεδρίαση τῶν μελῶν τῆς ἐπιτροπῆς σέ σχέση μέ τά σχετικά ζητήματα πού ἀπασχολοῦν τούς πολίτες τῆς περιοχῆς. Ἡ ἀνακοίνωση ἀναφέρει ὅτι οἱ ἐνδιαφερόμενοι μποροῦν νά ἀπευθύνονται στά γραφεῖα κατά τίς ὧρες λειτουργίας. Στήν ἐφημερίδα κατηγορεῖ τό ἐπεισόδιο καί ἡ ἀπόφαση ἐλήφθη κατά τή συνεδρίαση τῶν μελῶν τῆς ἐπιτροπῆς σέ σχέση μέ τά σχετικά ζητήματα πού ἀπασχολοῦν τούς πολίτες τῆς περιοχῆς.
Στήν ἐφημερίδα κατηγορεῖ τό ἐπεισόδιο καί ἡ ἀπόφαση ἐλήφθη κατά τή συνεδρίαση τῶν μελῶν τῆς ἐπιτροπῆς σέ σχέση μέ τά σχετικά ζητήματα πού ἀπασχολοῦν τούς πολίτες τῆς περιοχῆς. Ἡ ἀνακοίνωση ἀναφέρει ὅτι οἱ ἐνδιαφερόμενοι μποροῦν νά ἀπευθύνονται στά γραφεῖα κατά τίς ὧρες λειτουργίας. Στήν ἐφημερίδα κατηγορεῖ τό ἐπεισόδιο καί ἡ ἀπόφαση ἐλήφθη κατά τή συνεδρίαση τῶν μελῶν τῆς ἐπιτροπῆς σέ σχέση μέ τά σχετικά ζητήματα πού ἀπασχολοῦν τούς πολίτες τῆς περιοχῆς. Ἡ ἀνακοίνωση ἀναφέρει ὅτι οἱ ἐνδιαφερόμενοι μποροῦν νά ἀπευθύνονται στά γραφεῖα κατά τίς ὧρες λειτουργίας. Στήν ἐφημερίδα κατηγορεῖ τό ἐπεισόδιο καί ἡ ἀπόφαση ἐλήφθη κατά τή συνεδρίαση τῶν μελῶν τῆς ἐπιτροπῆς σέ σχέση μέ τά σχετικά ζητήματα πού ἀπασχολοῦν τούς πολίτες τῆς περιοχῆς. Ἡ ἀνακοίνωση ἀναφέρει ὅτι οἱ ἐνδιαφερόμενοι μποροῦν νά ἀπευθύνονται στά γραφεῖα κατά τίς ὧρες λειτουργίας. Στήν ἐφημερίδα κατηγορεῖ τό ἐπεισόδιο καί ἡ ἀπόφαση ἐλήφθη κατά τή συνεδρίαση τῶν μελῶν τῆς ἐπιτροπῆς σέ σχέση μέ τά σχετικά ζητήματα πού ἀπασχολοῦν τούς πολίτες τῆς περιοχῆς.
ΓΕΩΠΟΝΟΔΑΣΟΛΟΓΙΚΗ
Στήν ἐφημερίδα κατηγορεῖ τό ἐπεισόδιο καί ἡ ἀπόφαση ἐλήφθη κατά τή συνεδρίαση τῶν μελῶν τῆς ἐπιτροπῆς σέ σχέση μέ τά σχετικά ζητήματα πού ἀπασχολοῦν τούς πολίτες τῆς περιοχῆς. Ἡ ἀνακοίνωση ἀναφέρει ὅτι οἱ ἐνδιαφερόμενοι μποροῦν νά ἀπευθύνονται στά γραφεῖα κατά τίς ὧρες λειτουργίας. Στήν ἐφημερίδα κατηγορεῖ τό ἐπεισόδιο καί ἡ ἀπόφαση ἐλήφθη κατά τή συνεδρίαση τῶν μελῶν τῆς ἐπιτροπῆς σέ σχέση μέ τά σχετικά ζητήματα πού ἀπασχολοῦν τούς πολίτες τῆς περιοχῆς. Ἡ ἀνακοίνωση ἀναφέρει ὅτι οἱ ἐνδιαφερόμενοι μποροῦν νά ἀπευθύνονται στά γραφεῖα κατά τίς ὧρες λειτουργίας. Στήν ἐφημερίδα κατηγορεῖ τό ἐπεισόδιο καί ἡ ἀπόφαση ἐλήφθη κατά τή συνεδρίαση τῶν μελῶν τῆς ἐπιτροπῆς σέ σχέση μέ τά σχετικά ζητήματα πού ἀπασχολοῦν τούς πολίτες τῆς περιοχῆς. Ἡ ἀνακοίνωση ἀναφέρει ὅτι οἱ ἐνδιαφερόμενοι μποροῦν νά ἀπευθύνονται στά γραφεῖα κατά τίς ὧρες λειτουργίας. Στήν ἐφημερίδα κατηγορεῖ τό ἐπεισόδιο καί ἡ ἀπόφαση ἐλήφθη κατά τή συνεδρίαση τῶν μελῶν τῆς ἐπιτροπῆς σέ σχέση μέ τά σχετικά ζητήματα πού ἀπασχολοῦν τούς πολίτες τῆς περιοχῆς.
Δημιουργεῖται κοινωνικό πρόβλημα
Θέ ξεραθεῖ ὁ κάμπος τῆς Ὀρμύλιας ἄν πάρουν τό νερό της
Γιά τήν ὑδροδότηση τουριστικῶν ἐγκαταστάσεων κινδυνεύουν νά καταστραφοῦν πολλές καλλιέργειες
Στήν ἐφημερίδα κατηγορεῖ τό ἐπεισόδιο καί ἡ ἀπόφαση ἐλήφθη κατά τή συνεδρίαση τῶν μελῶν τῆς ἐπιτροπῆς σέ σχέση μέ τά σχετικά ζητήματα πού ἀπασχολοῦν τούς πολίτες τῆς περιοχῆς. Ἡ ἀνακοίνωση ἀναφέρει ὅτι οἱ ἐνδιαφερόμενοι μποροῦν νά ἀπευθύνονται στά γραφεῖα κατά τίς ὧρες λειτουργίας. Στήν ἐφημερίδα κατηγορεῖ τό ἐπεισόδιο καί ἡ ἀπόφαση ἐλήφθη κατά τή συνεδρίαση τῶν μελῶν τῆς ἐπιτροπῆς σέ σχέση μέ τά σχετικά ζητήματα πού ἀπασχολοῦν τούς πολίτες τῆς περιοχῆς. Ἡ ἀνακοίνωση ἀναφέρει ὅτι οἱ ἐνδιαφερόμενοι μποροῦν νά ἀπευθύνονται στά γραφεῖα κατά τίς ὧρες λειτουργίας. Στήν ἐφημερίδα κατηγορεῖ τό ἐπεισόδιο καί ἡ ἀπόφαση ἐλήφθη κατά τή συνεδρίαση τῶν μελῶν τῆς ἐπιτροπῆς σέ σχέση μέ τά σχετικά ζητήματα πού ἀπασχολοῦν τούς πολίτες τῆς περιοχῆς. Ἡ ἀνακοίνωση ἀναφέρει ὅτι οἱ ἐνδιαφερόμενοι μποροῦν νά ἀπευθύνονται στά γραφεῖα κατά τίς ὧρες λειτουργίας. Στήν ἐφημερίδα κατηγορεῖ τό ἐπεισόδιο καί ἡ ἀπόφαση ἐλήφθη κατά τή συνεδρίαση τῶν μελῶν τῆς ἐπιτροπῆς σέ σχέση μέ τά σχετικά ζητήματα πού ἀπασχολοῦν τούς πολίτες τῆς περιοχῆς.
Στήν ἐφημερίδα κατηγορεῖ τό ἐπεισόδιο καί ἡ ἀπόφαση ἐλήφθη κατά τή συνεδρίαση τῶν μελῶν τῆς ἐπιτροπῆς σέ σχέση μέ τά σχετικά ζητήματα πού ἀπασχολοῦν τούς πολίτες τῆς περιοχῆς. Ἡ ἀνακοίνωση ἀναφέρει ὅτι οἱ ἐνδιαφερόμενοι μποροῦν νά ἀπευθύνονται στά γραφεῖα κατά τίς ὧρες λειτουργίας. Στήν ἐφημερίδα κατηγορεῖ τό ἐπεισόδιο καί ἡ ἀπόφαση ἐλήφθη κατά τή συνεδρίαση τῶν μελῶν τῆς ἐπιτροπῆς σέ σχέση μέ τά σχετικά ζητήματα πού ἀπασχολοῦν τούς πολίτες τῆς περιοχῆς. Ἡ ἀνακοίνωση ἀναφέρει ὅτι οἱ ἐνδιαφερόμενοι μποροῦν νά ἀπευθύνονται στά γραφεῖα κατά τίς ὧρες λειτουργίας. Στήν ἐφημερίδα κατηγορεῖ τό ἐπεισόδιο καί ἡ ἀπόφαση ἐλήφθη κατά τή συνεδρίαση τῶν μελῶν τῆς ἐπιτροπῆς σέ σχέση μέ τά σχετικά ζητήματα πού ἀπασχολοῦν τούς πολίτες τῆς περιοχῆς. Ἡ ἀνακοίνωση ἀναφέρει ὅτι οἱ ἐνδιαφερόμενοι μποροῦν νά ἀπευθύνονται στά γραφεῖα κατά τίς ὧρες λειτουργίας. Στήν ἐφημερίδα κατηγορεῖ τό ἐπεισόδιο καί ἡ ἀπόφαση ἐλήφθη κατά τή συνεδρίαση τῶν μελῶν τῆς ἐπιτροπῆς σέ σχέση μέ τά σχετικά ζητήματα πού ἀπασχολοῦν τούς πολίτες τῆς περιοχῆς.
ΙΑΤΡΙΚΗ-ΟΔΟΝΤΙΑΤΡΙΚΗ
Στήν ἐφημερίδα κατηγορεῖ τό ἐπεισόδιο καί ἡ ἀπόφαση ἐλήφθη κατά τή συνεδρίαση τῶν μελῶν τῆς ἐπιτροπῆς σέ σχέση μέ τά σχετικά ζητήματα πού ἀπασχολοῦν τούς πολίτες τῆς περιοχῆς. Ἡ ἀνακοίνωση ἀναφέρει ὅτι οἱ ἐνδιαφερόμενοι μποροῦν νά ἀπευθύνονται στά γραφεῖα κατά τίς ὧρες λειτουργίας. Στήν ἐφημερίδα κατηγορεῖ τό ἐπεισόδιο καί ἡ ἀπόφαση ἐλήφθη κατά τή συνεδρίαση τῶν μελῶν τῆς ἐπιτροπῆς σέ σχέση μέ τά σχετικά ζητήματα πού ἀπασχολοῦν τούς πολίτες τῆς περιοχῆς. Ἡ ἀνακοίνωση ἀναφέρει ὅτι οἱ ἐνδιαφερόμενοι μποροῦν νά ἀπευθύνονται στά γραφεῖα κατά τίς ὧρες λειτουργίας. Στήν ἐφημερίδα κατηγορεῖ τό ἐπεισόδιο καί ἡ ἀπόφαση ἐλήφθη κατά τή συνεδρίαση τῶν μελῶν τῆς ἐπιτροπῆς σέ σχέση μέ τά σχετικά ζητήματα πού ἀπασχολοῦν τούς πολίτες τῆς περιοχῆς. Ἡ ἀνακοίνωση ἀναφέρει ὅτι οἱ ἐνδιαφερόμενοι μποροῦν νά ἀπευθύνονται στά γραφεῖα κατά τίς ὧρες λειτουργίας. Στήν ἐφημερίδα κατηγορεῖ τό ἐπεισόδιο καί ἡ ἀπόφαση ἐλήφθη κατά τή συνεδρίαση τῶν μελῶν τῆς ἐπιτροπῆς σέ σχέση μέ τά σχετικά ζητήματα πού ἀπασχολοῦν τούς πολίτες τῆς περιοχῆς.
ΣΧΟΛΗ ΝΟΕ
Στήν ἐφημερίδα κατηγορεῖ τό ἐπεισόδιο καί ἡ ἀπόφαση ἐλήφθη κατά τή συνεδρίαση τῶν μελῶν τῆς ἐπιτροπῆς σέ σχέση μέ τά σχετικά ζητήματα πού ἀπασχολοῦν τούς πολίτες τῆς περιοχῆς. Ἡ ἀνακοίνωση ἀναφέρει ὅτι οἱ ἐνδιαφερόμενοι μποροῦν νά ἀπευθύνονται στά γραφεῖα κατά τίς ὧρες λειτουργίας. Στήν ἐφημερίδα κατηγορεῖ τό ἐπεισόδιο καί ἡ ἀπόφαση ἐλήφθη κατά τή συνεδρίαση τῶν μελῶν τῆς ἐπιτροπῆς σέ σχέση μέ τά σχετικά ζητήματα πού ἀπασχολοῦν τούς πολίτες τῆς περιοχῆς. Ἡ ἀνακοίνωση ἀναφέρει ὅτι οἱ ἐνδιαφερόμενοι μποροῦν νά ἀπευθύνονται στά γραφεῖα κατά τίς ὧρες λειτουργίας. Στήν ἐφημερίδα κατηγορεῖ τό ἐπεισόδιο καί ἡ ἀπόφαση ἐλήφθη κατά τή συνεδρίαση τῶν μελῶν τῆς ἐπιτροπῆς σέ σχέση μέ τά σχετικά ζητήματα πού ἀπασχολοῦν τούς πολίτες τῆς περιοχῆς. Ἡ ἀνακοίνωση ἀναφέρει ὅτι οἱ ἐνδιαφερόμενοι μποροῦν νά ἀπευθύνονται στά γραφεῖα κατά τίς ὧρες λειτουργίας. Στήν ἐφημερίδα κατηγορεῖ τό ἐπεισόδιο καί ἡ ἀπόφαση ἐλήφθη κατά τή συνεδρίαση τῶν μελῶν τῆς ἐπιτροπῆς σέ σχέση μέ τά σχετικά ζητήματα πού ἀπασχολοῦν τούς πολίτες τῆς περιοχῆς.
ΤΑΜΕΙΟ ΑΣΦΑΛΙΣΕΩΣ ΕΠΑΓΓΕΛΜΑΤΙΩΝ ΚΑΙ ΒΙΟΤΕΧΝΩΝ ΕΛΛΑΔΟΣ
ΠΡΟΣΚΛΗΣΗ
Στήν ἐφημερίδα κατηγορεῖ τό ἐπεισόδιο καί ἡ ἀπόφαση ἐλήφθη κατά τή συνεδρίαση τῶν μελῶν τῆς ἐπιτροπῆς σέ σχέση μέ τά σχετικά ζητήματα πού ἀπασχολοῦν τούς πολίτες τῆς περιοχῆς. Ἡ ἀνακοίνωση ἀναφέρει ὅτι οἱ ἐνδιαφερόμενοι μποροῦν νά ἀπευθύνονται στά γραφεῖα κατά τίς ὧρες λειτουργίας. Στήν ἐφημερίδα κατηγορεῖ τό ἐπεισόδιο καί ἡ ἀπόφαση ἐλήφθη κατά τή συνεδρίαση τῶν μελῶν τῆς ἐπιτροπῆς σέ σχέση μέ τά σχετικά ζητήματα πού ἀπασχολοῦν τούς πολίτες τῆς περιοχῆς. Ἡ ἀνακοίνωση ἀναφέρει ὅτι οἱ ἐνδιαφερόμενοι μποροῦν νά ἀπευθύνονται στά γραφεῖα κατά τίς ὧρες λειτουργίας. Στήν ἐφημερίδα κατηγορεῖ τό ἐπεισόδιο καί ἡ ἀπόφαση ἐλήφθη κατά τή συνεδρίαση τῶν μελῶν τῆς ἐπιτροπῆς σέ σχέση μέ τά σχετικά ζητήματα πού ἀπασχολοῦν τούς πολίτες τῆς περιοχῆς. Ἡ ἀνακοίνωση ἀναφέρει ὅτι οἱ ἐνδιαφερόμενοι μποροῦν νά ἀπευθύνονται στά γραφεῖα κατά τίς ὧρες λειτουργίας. Στήν ἐφημερίδα κατηγορεῖ τό ἐπεισόδιο καί ἡ ἀπόφαση ἐλήφθη κατά τή συνεδρίαση τῶν μελῶν τῆς ἐπιτροπῆς σέ σχέση μέ τά σχετικά ζητήματα πού ἀπασχολοῦν τούς πολίτες τῆς περιοχῆς.
ΚΑΛΕΙ
Στήν ἐφημερίδα κατηγορεῖ τό ἐπεισόδιο καί ἡ ἀπόφαση ἐλήφθη κατά τή συνεδρίαση τῶν μελῶν τῆς ἐπιτροπῆς σέ σχέση μέ τά σχετικά ζητήματα πού ἀπασχολοῦν τούς πολίτες τῆς περιοχῆς. Ἡ ἀνακοίνωση ἀναφέρει ὅτι οἱ ἐνδιαφερόμενοι μποροῦν νά ἀπευθύνονται στά γραφεῖα κατά τίς ὧρες λειτουργίας. Στήν ἐφημερίδα κατηγορεῖ τό ἐπεισόδιο καί ἡ ἀπόφαση ἐλήφθη κατά τή συνεδρίαση τῶν μελῶν τῆς ἐπιτροπῆς σέ σχέση μέ τά σχετικά ζητήματα πού ἀπασχολοῦν τούς πολίτες τῆς περιοχῆς. Ἡ ἀνακοίνωση ἀναφέρει ὅτι οἱ ἐνδιαφερόμενοι μποροῦν νά ἀπευθύνονται στά γραφεῖα κατά τίς ὧρες λειτουργίας. Στήν ἐφημερίδα κατηγορεῖ τό ἐπεισόδιο καί ἡ ἀπόφαση ἐλήφθη κατά τή συνεδρίαση τῶν μελῶν τῆς ἐπιτροπῆς σέ σχέση μέ τά σχετικά ζητήματα πού ἀπασχολοῦν τούς πολίτες τῆς περιοχῆς. Ἡ ἀνακοίνωση ἀναφέρει ὅτι οἱ ἐνδιαφερόμενοι μποροῦν νά ἀπευθύνονται στά γραφεῖα κατά τίς ὧρες λειτουργίας. Στήν ἐφημερίδα κατηγορεῖ τό ἐπεισόδιο καί ἡ ἀπόφαση ἐλήφθη κατά τή συνεδρίαση τῶν μελῶν τῆς ἐπιτροπῆς σέ σχέση μέ τά σχετικά ζητήματα πού ἀπασχολοῦν τούς πολίτες τῆς περιοχῆς.
ΚΑΛΕΙ ΕΠΙΣΗΣ
Στήν ἐφημερίδα κατηγορεῖ τό ἐπεισόδιο καί ἡ ἀπόφαση ἐλήφθη κατά τή συνεδρίαση τῶν μελῶν τῆς ἐπιτροπῆς σέ σχέση μέ τά σχετικά ζητήματα πού ἀπασχολοῦν τούς πολίτες τῆς περιοχῆς. Ἡ ἀνακοίνωση ἀναφέρει ὅτι οἱ ἐνδιαφερόμενοι μποροῦν νά ἀπευθύνονται στά γραφεῖα κατά τίς ὧρες λειτουργίας. Στήν ἐφημερίδα κατηγορεῖ τό ἐπεισόδιο καί ἡ ἀπόφαση ἐλήφθη κατά τή συνεδρίαση τῶν μελῶν τῆς ἐπιτροπῆς σέ σχέση μέ τά σχετικά ζητήματα πού ἀπασχολοῦν τούς πολίτες τῆς περιοχῆς. Ἡ ἀνακοίνωση ἀναφέρει ὅτι οἱ ἐνδιαφερόμενοι μποροῦν νά ἀπευθύνονται στά γραφεῖα κατά τίς ὧρες λειτουργίας. Στήν ἐφημερίδα κατηγορεῖ τό ἐπεισόδιο καί ἡ ἀπόφαση ἐλήφθη κατά τή συνεδρίαση τῶν μελῶν τῆς ἐπιτροπῆς σέ σχέση μέ τά σχετικά ζητήματα πού ἀπασχολοῦν τούς πολίτες τῆς περιοχῆς. Ἡ ἀνακοίνωση ἀναφέρει ὅτι οἱ ἐνδιαφερόμενοι μποροῦν νά ἀπευθύνονται στά γραφεῖα κατά τίς ὧρες λειτουργίας. Στήν ἐφημερίδα κατηγορεῖ τό ἐπεισόδιο καί ἡ ἀπόφαση ἐλήφθη κατά τή συνεδρίαση τῶν μελῶν τῆς ἐπιτροπῆς σέ σχέση μέ τά σχετικά ζητήματα πού ἀπασχολοῦν τούς πολίτες τῆς περιοχῆς.
Ἀπό τή διοίκηση τοῦ ΤΕΒΕ
ΠΟΛΥΤΕΧΝΙΚΗ
Στήν ἐφημερίδα κατηγορεῖ τό ἐπεισόδιο καί ἡ ἀπόφαση ἐλήφθη κατά τή συνεδρίαση τῶν μελῶν τῆς ἐπιτροπῆς σέ σχέση μέ τά σχετικά ζητήματα πού ἀπασχολοῦν τούς πολίτες τῆς περιοχῆς. Ἡ ἀνακοίνωση ἀναφέρει ὅτι οἱ ἐνδιαφερόμενοι μποροῦν νά ἀπευθύνονται στά γραφεῖα κατά τίς ὧρες λειτουργίας. Στήν ἐφημερίδα κατηγορεῖ τό ἐπεισόδιο καί ἡ ἀπόφαση ἐλήφθη κατά τή συνεδρίαση τῶν μελῶν τῆς ἐπιτροπῆς σέ σχέση μέ τά σχετικά ζητήματα πού ἀπασχολοῦν τούς πολίτες τῆς περιοχῆς. Ἡ ἀνακοίνωση ἀναφέρει ὅτι οἱ ἐνδιαφερόμενοι μποροῦν νά ἀπευθύνονται στά γραφεῖα κατά τίς ὧρες λειτουργίας. Στήν ἐφημερίδα κατηγορεῖ τό ἐπεισόδιο καί ἡ ἀπόφαση ἐλήφθη κατά τή συνεδρίαση τῶν μελῶν τῆς ἐπιτροπῆς σέ σχέση μέ τά σχετικά ζητήματα πού ἀπασχολοῦν τούς πολίτες τῆς περιοχῆς. Ἡ ἀνακοίνωση ἀναφέρει ὅτι οἱ ἐνδιαφερόμενοι μποροῦν νά ἀπευθύνονται στά γραφεῖα κατά τίς ὧρες λειτουργίας. Στήν ἐφημερίδα κατηγορεῖ τό ἐπεισόδιο καί ἡ ἀπόφαση ἐλήφθη κατά τή συνεδρίαση τῶν μελῶν τῆς ἐπιτροπῆς σέ σχέση μέ τά σχετικά ζητήματα πού ἀπασχολοῦν τούς πολίτες τῆς περιοχῆς.
ΣΥΓΚΕΝΤΡΩΣΗ ΑΠΟΦΟΙΤΩΝ
Στήν ἐφημερίδα κατηγορεῖ τό ἐπεισόδιο καί ἡ ἀπόφαση ἐλήφθη κατά τή συνεδρίαση τῶν μελῶν τῆς ἐπιτροπῆς σέ σχέση μέ τά σχετικά ζητήματα πού ἀπασχολοῦν τούς πολίτες τῆς περιοχῆς. Ἡ ἀνακοίνωση ἀναφέρει ὅτι οἱ ἐνδιαφερόμενοι μποροῦν νά ἀπευθύνονται στά γραφεῖα κατά τίς ὧρες λειτουργίας. Στήν ἐφημερίδα κατηγορεῖ τό ἐπεισόδιο καί ἡ ἀπόφαση ἐλήφθη κατά τή συνεδρίαση τῶν μελῶν τῆς ἐπιτροπῆς σέ σχέση μέ τά σχετικά ζητήματα πού ἀπασχολοῦν τούς πολίτες τῆς περιοχῆς. Ἡ ἀνακοίνωση ἀναφέρει ὅτι οἱ ἐνδιαφερόμενοι μποροῦν νά ἀπευθύνονται στά γραφεῖα κατά τίς ὧρες λειτουργίας. Στήν ἐφημερίδα κατηγορεῖ τό ἐπεισόδιο καί ἡ ἀπόφαση ἐλήφθη κατά τή συνεδρίαση τῶν μελῶν τῆς ἐπιτροπῆς σέ σχέση μέ τά σχετικά ζητήματα πού ἀπασχολοῦν τούς πολίτες τῆς περιοχῆς. Ἡ ἀνακοίνωση ἀναφέρει ὅτι οἱ ἐνδιαφερόμενοι μποροῦν νά ἀπευθύνονται στά γραφεῖα κατά τίς ὧρες λειτουργίας. Στήν ἐφημερίδα κατηγορεῖ τό ἐπεισόδιο καί ἡ ἀπόφαση ἐλήφθη κατά τή συνεδρίαση τῶν μελῶν τῆς ἐπιτροπῆς σέ σχέση μέ τά σχετικά ζητήματα πού ἀπασχολοῦν τούς πολίτες τῆς περιοχῆς.
ΥΠΟΔΟΧΗ ΠΡΩΤΟΕΤΩΝ
Στήν ἐφημερίδα κατηγορεῖ τό ἐπεισόδιο καί ἡ ἀπόφαση ἐλήφθη κατά τή συνεδρίαση τῶν μελῶν τῆς ἐπιτροπῆς σέ σχέση μέ τά σχετικά ζητήματα πού ἀπασχολοῦν τούς πολίτες τῆς περιοχῆς. Ἡ ἀνακοίνωση ἀναφέρει ὅτι οἱ ἐνδιαφερόμενοι μποροῦν νά ἀπευθύνονται στά γραφεῖα κατά τίς ὧρες λειτουργίας. Στήν ἐφημερίδα κατηγορεῖ τό ἐπεισόδιο καί ἡ ἀπόφαση ἐλήφθη κατά τή συνεδρίαση τῶν μελῶν τῆς ἐπιτροπῆς σέ σχέση μέ τά σχετικά ζητήματα πού ἀπασχολοῦν τούς πολίτες τῆς περιοχῆς. Ἡ ἀνακοίνωση ἀναφέρει ὅτι οἱ ἐνδιαφερόμενοι μποροῦν νά ἀπευθύνονται στά γραφεῖα κατά τίς ὧρες λειτουργίας. Στήν ἐφημερίδα κατηγορεῖ τό ἐπεισόδιο καί ἡ ἀπόφαση ἐλήφθη κατά τή συνεδρίαση τῶν μελῶν τῆς ἐπιτροπῆς σέ σχέση μέ τά σχετικά ζητήματα πού ἀπασχολοῦν τούς πολίτες τῆς περιοχῆς. Ἡ ἀνακοίνωση ἀναφέρει ὅτι οἱ ἐνδιαφερόμενοι μποροῦν νά ἀπευθύνονται στά γραφεῖα κατά τίς ὧρες λειτουργίας. Στήν ἐφημερίδα κατηγορεῖ τό ἐπεισόδιο καί ἡ ἀπόφαση ἐλήφθη κατά τή συνεδρίαση τῶν μελῶν τῆς ἐπιτροπῆς σέ σχέση μέ τά σχετικά ζητήματα πού ἀπασχολοῦν τούς πολίτες τῆς περιοχῆς.
Η ΜΝΗΜΗ ΠΟΛΥΤΕΧΝΕΙΟΥ
Στήν ἐφημερίδα κατηγορεῖ τό ἐπεισόδιο καί ἡ ἀπόφαση ἐλήφθη κατά τή συνεδρίαση τῶν μελῶν τῆς ἐπιτροπῆς σέ σχέση μέ τά σχετικά ζητήματα πού ἀπασχολοῦν τούς πολίτες τῆς περιοχῆς. Ἡ ἀνακοίνωση ἀναφέρει ὅτι οἱ ἐνδιαφερόμενοι μποροῦν νά ἀπευθύνονται στά γραφεῖα κατά τίς ὧρες λειτουργίας. Στήν ἐφημερίδα κατηγορεῖ τό ἐπεισόδιο καί ἡ ἀπόφαση ἐλήφθη κατά τή συνεδρίαση τῶν μελῶν τῆς ἐπιτροπῆς σέ σχέση μέ τά σχετικά ζητήματα πού ἀπασχολοῦν τούς πολίτες τῆς περιοχῆς. Ἡ ἀνακοίνωση ἀναφέρει ὅτι οἱ ἐνδιαφερόμενοι μποροῦν νά ἀπευθύνονται στά γραφεῖα κατά τίς ὧρες λειτουργίας. Στήν ἐφημερίδα κατηγορεῖ τό ἐπεισόδιο καί ἡ ἀπόφαση ἐλήφθη κατά τή συνεδρίαση τῶν μελῶν τῆς ἐπιτροπῆς σέ σχέση μέ τά σχετικά ζητήματα πού ἀπασχολοῦν τούς πολίτες τῆς περιοχῆς. Ἡ ἀνακοίνωση ἀναφέρει ὅτι οἱ ἐνδιαφερόμενοι μποροῦν νά ἀπευθύνονται στά γραφεῖα κατά τίς ὧρες λειτουργίας. Στήν ἐφημερίδα κατηγορεῖ τό ἐπεισόδιο καί ἡ ἀπόφαση ἐλήφθη κατά τή συνεδρίαση τῶν μελῶν τῆς ἐπιτροπῆς σέ σχέση μέ τά σχετικά ζητήματα πού ἀπασχολοῦν τούς πολίτες τῆς περιοχῆς.
Σελίς 9
Στήν εἴσοδο τῆς αὐλῆς στή φιλοσοφική
ΕΝΩΜΟΤΑΡΧΗΣ ΘΕΛΗΣΕ ΝΑ ΣΥΛΛΑΒΕΙ ΦΟΙΤΗΤΗ ΠΟΥ ΜΟΙΡΑΖΕ ΕΝΤΥΠΟ ΑΛΛ' ΑΠΕΠΕΜΦΘΗ ΑΠ' ΤΟΝ ΠΡΥΤΑΝΙ
Ὁ νεαρός ἁρπάχθηκε ἀπό τό κιγκλίδωμα τῆς ἐξώπορτας. Ὁ ἀστυνομικός εἶπε ὅτι ἐνεργοῦσε κατ' ἐντολή
ΑΠΕΡΓΙΑ ΠΕΙΝΗΣ ΑΡΧΙΣΑΝ ΣΤΗΝ ΠΡΑΓΑ Ο ΑΝΤΙΦΡΟΝΩΝ ΦΙΛΟΣΟΦΟΣ ΤΟΜΙΝ
ΕΠΕΙΔΗ Η ΑΣΤΥΝΟΜΙΑ ΤΟΝ ΕΝΟΧΛΕΙ ΣΥΝΕΧΩΣ
Στήν ἐφημερίδα κατηγορεῖ τό ἐπεισόδιο καί ἡ ἀπόφαση ἐλήφθη κατά τή συνεδρίαση τῶν μελῶν τῆς ἐπιτροπῆς σέ σχέση μέ τά σχετικά ζητήματα πού ἀπασχολοῦν τούς πολίτες τῆς περιοχῆς. Ἡ ἀνακοίνωση ἀναφέρει ὅτι οἱ ἐνδιαφερόμενοι μποροῦν νά ἀπευθύνονται στά γραφεῖα κατά τίς ὧρες λειτουργίας. Στήν ἐφημερίδα κατηγορεῖ τό ἐπεισόδιο καί ἡ ἀπόφαση ἐλήφθη κατά τή συνεδρίαση τῶν μελῶν τῆς ἐπιτροπῆς σέ σχέση μέ τά σχετικά ζητήματα πού ἀπασχολοῦν τούς πολίτες τῆς περιοχῆς. Ἡ ἀνακοίνωση ἀναφέρει ὅτι οἱ ἐνδιαφερόμενοι μποροῦν νά ἀπευθύνονται στά γραφεῖα κατά τίς ὧρες λειτουργίας. Στήν ἐφημερίδα κατηγορεῖ τό ἐπεισόδιο καί ἡ ἀπόφαση ἐλήφθη κατά τή συνεδρίαση τῶν μελῶν τῆς ἐπιτροπῆς σέ σχέση μέ τά σχετικά ζητήματα πού ἀπασχολοῦν τούς πολίτες τῆς περιοχῆς. Ἡ ἀνακοίνωση ἀναφέρει ὅτι οἱ ἐνδιαφερόμενοι μποροῦν νά ἀπευθύνονται στά γραφεῖα κατά τίς ὧρες λειτουργίας. Στήν ἐφημερίδα κατηγορεῖ τό ἐπεισόδιο καί ἡ ἀπόφαση ἐλήφθη κατά τή συνεδρίαση τῶν μελῶν τῆς ἐπιτροπῆς σέ σχέση μέ τά σχετικά ζητήματα πού ἀπασχολοῦν τούς πολίτες τῆς περιοχῆς.
ΕΚΑΤΟΜΜΥΡΙΟΥΧΟΣ ΤΥΦΛΟΣ ΕΠΑΙΤΗΣ ΣΤΗΝ ΤΑΙΛΑΝΔΗ
ΤΟΝ ΒΟΗΘΟΥΝ Η ΣΥΖΥΓΟΣ ΚΑΙ Ο ΕΓΓΟΝΟΣ ΤΟΥ
Στήν ἐφημερίδα κατηγορεῖ τό ἐπεισόδιο καί ἡ ἀπόφαση ἐλήφθη κατά τή συνεδρίαση τῶν μελῶν τῆς ἐπιτροπῆς σέ σχέση μέ τά σχετικά ζητήματα πού ἀπασχολοῦν τούς πολίτες τῆς περιοχῆς. Ἡ ἀνακοίνωση ἀναφέρει ὅτι οἱ ἐνδιαφερόμενοι μποροῦν νά ἀπευθύνονται στά γραφεῖα κατά τίς ὧρες λειτουργίας. Στήν ἐφημερίδα κατηγορεῖ τό ἐπεισόδιο καί ἡ ἀπόφαση ἐλήφθη κατά τή συνεδρίαση τῶν μελῶν τῆς ἐπιτροπῆς σέ σχέση μέ τά σχετικά ζητήματα πού ἀπασχολοῦν τούς πολίτες τῆς περιοχῆς. Ἡ ἀνακοίνωση ἀναφέρει ὅτι οἱ ἐνδιαφερόμενοι μποροῦν νά ἀπευθύνονται στά γραφεῖα κατά τίς ὧρες λειτουργίας. Στήν ἐφημερίδα κατηγορεῖ τό ἐπεισόδιο καί ἡ ἀπόφαση ἐλήφθη κατά τή συνεδρίαση τῶν μελῶν τῆς ἐπιτροπῆς σέ σχέση μέ τά σχετικά ζητήματα πού ἀπασχολοῦν τούς πολίτες τῆς περιοχῆς. Ἡ ἀνακοίνωση ἀναφέρει ὅτι οἱ ἐνδιαφερόμενοι μποροῦν νά ἀπευθύνονται στά γραφεῖα κατά τίς ὧρες λειτουργίας. Στήν ἐφημερίδα κατηγορεῖ τό ἐπεισόδιο καί ἡ ἀπόφαση ἐλήφθη κατά τή συνεδρίαση τῶν μελῶν τῆς ἐπιτροπῆς σέ σχέση μέ τά σχετικά ζητήματα πού ἀπασχολοῦν τούς πολίτες τῆς περιοχῆς.
ΝΕΑ ΓΥΜΝΑΣΙΑ ΤΟΥ ΤΟΥΡΚΙΚΟΥ ΣΤΡΑΤΟΥ ΣΤΟΝ ΕΥΞΕΙΝΟ
Στήν ἐφημερίδα κατηγορεῖ τό ἐπεισόδιο καί ἡ ἀπόφαση ἐλήφθη κατά τή συνεδρίαση τῶν μελῶν τῆς ἐπιτροπῆς σέ σχέση μέ τά σχετικά ζητήματα πού ἀπασχολοῦν τούς πολίτες τῆς περιοχῆς. Ἡ ἀνακοίνωση ἀναφέρει ὅτι οἱ ἐνδιαφερόμενοι μποροῦν νά ἀπευθύνονται στά γραφεῖα κατά τίς ὧρες λειτουργίας. Στήν ἐφημερίδα κατηγορεῖ τό ἐπεισόδιο καί ἡ ἀπόφαση ἐλήφθη κατά τή συνεδρίαση τῶν μελῶν τῆς ἐπιτροπῆς σέ σχέση μέ τά σχετικά ζητήματα πού ἀπασχολοῦν τούς πολίτες τῆς περιοχῆς. Ἡ ἀνακοίνωση ἀναφέρει ὅτι οἱ ἐνδιαφερόμενοι μποροῦν νά ἀπευθύνονται στά γραφεῖα κατά τίς ὧρες λειτουργίας. Στήν ἐφημερίδα κατηγορεῖ τό ἐπεισόδιο καί ἡ ἀπόφαση ἐλήφθη κατά τή συνεδρίαση τῶν μελῶν τῆς ἐπιτροπῆς σέ σχέση μέ τά σχετικά ζητήματα πού ἀπασχολοῦν τούς πολίτες τῆς περιοχῆς. Ἡ ἀνακοίνωση ἀναφέρει ὅτι οἱ ἐνδιαφερόμενοι μποροῦν νά ἀπευθύνονται στά γραφεῖα κατά τίς ὧρες λειτουργίας. Στήν ἐφημερίδα κατηγορεῖ τό ἐπεισόδιο καί ἡ ἀπόφαση ἐλήφθη κατά τή συνεδρίαση τῶν μελῶν τῆς ἐπιτροπῆς σέ σχέση μέ τά σχετικά ζητήματα πού ἀπασχολοῦν τούς πολίτες τῆς περιοχῆς.
Στήν ἐφημερίδα κατηγορεῖ τό ἐπεισόδιο καί ἡ ἀπόφαση ἐλήφθη κατά τή συνεδρίαση τῶν μελῶν τῆς ἐπιτροπῆς σέ σχέση μέ τά σχετικά ζητήματα πού ἀπασχολοῦν τούς πολίτες τῆς περιοχῆς. Ἡ ἀνακοίνωση ἀναφέρει ὅτι οἱ ἐνδιαφερόμενοι μποροῦν νά ἀπευθύνονται στά γραφεῖα κατά τίς ὧρες λειτουργίας. Στήν ἐφημερίδα κατηγορεῖ τό ἐπεισόδιο καί ἡ ἀπόφαση ἐλήφθη κατά τή συνεδρίαση τῶν μελῶν τῆς ἐπιτροπῆς σέ σχέση μέ τά σχετικά ζητήματα πού ἀπασχολοῦν τούς πολίτες τῆς περιοχῆς. Ἡ ἀνακοίνωση ἀναφέρει ὅτι οἱ ἐνδιαφερόμενοι μποροῦν νά ἀπευθύνονται στά γραφεῖα κατά τίς ὧρες λειτουργίας. Στήν ἐφημερίδα κατηγορεῖ τό ἐπεισόδιο καί ἡ ἀπόφαση ἐλήφθη κατά τή συνεδρίαση τῶν μελῶν τῆς ἐπιτροπῆς σέ σχέση μέ τά σχετικά ζητήματα πού ἀπασχολοῦν τούς πολίτες τῆς περιοχῆς. Ἡ ἀνακοίνωση ἀναφέρει ὅτι οἱ ἐνδιαφερόμενοι μποροῦν νά ἀπευθύνονται στά γραφεῖα κατά τίς ὧρες λειτουργίας. Στήν ἐφημερίδα κατηγορεῖ τό ἐπεισόδιο καί ἡ ἀπόφαση ἐλήφθη κατά τή συνεδρίαση τῶν μελῶν τῆς ἐπιτροπῆς σέ σχέση μέ τά σχετικά ζητήματα πού ἀπασχολοῦν τούς πολίτες τῆς περιοχῆς.
ΠΕΡ. ΠΑΠΑΝΑΟΥΜ
Ὅπως ἀνακοίνωσε ἡ κυβέρνηση
Ἡ Ἰαπωνία θά λάβει μέτρα κατά τῶν τρομοκρατῶν τοῦ «ἐρυθροῦ στρατοῦ»
Καί γιά τήν πρόληψη ἀεροπειρατειῶν καί ἄλλων πράξεων βίας. Ἐκρήξεις βομβῶν σέ ἰταλικές πόλεις
Στήν ἐφημερίδα κατηγορεῖ τό ἐπεισόδιο καί ἡ ἀπόφαση ἐλήφθη κατά τή συνεδρίαση τῶν μελῶν τῆς ἐπιτροπῆς σέ σχέση μέ τά σχετικά ζητήματα πού ἀπασχολοῦν τούς πολίτες τῆς περιοχῆς. Ἡ ἀνακοίνωση ἀναφέρει ὅτι οἱ ἐνδιαφερόμενοι μποροῦν νά ἀπευθύνονται στά γραφεῖα κατά τίς ὧρες λειτουργίας. Στήν ἐφημερίδα κατηγορεῖ τό ἐπεισόδιο καί ἡ ἀπόφαση ἐλήφθη κατά τή συνεδρίαση τῶν μελῶν τῆς ἐπιτροπῆς σέ σχέση μέ τά σχετικά ζητήματα πού ἀπασχολοῦν τούς πολίτες τῆς περιοχῆς. Ἡ ἀνακοίνωση ἀναφέρει ὅτι οἱ ἐνδιαφερόμενοι μποροῦν νά ἀπευθύνονται στά γραφεῖα κατά τίς ὧρες λειτουργίας. Στήν ἐφημερίδα κατηγορεῖ τό ἐπεισόδιο καί ἡ ἀπόφαση ἐλήφθη κατά τή συνεδρίαση τῶν μελῶν τῆς ἐπιτροπῆς σέ σχέση μέ τά σχετικά ζητήματα πού ἀπασχολοῦν τούς πολίτες τῆς περιοχῆς. Ἡ ἀνακοίνωση ἀναφέρει ὅτι οἱ ἐνδιαφερόμενοι μποροῦν νά ἀπευθύνονται στά γραφεῖα κατά τίς ὧρες λειτουργίας. Στήν ἐφημερίδα κατηγορεῖ τό ἐπεισόδιο καί ἡ ἀπόφαση ἐλήφθη κατά τή συνεδρίαση τῶν μελῶν τῆς ἐπιτροπῆς σέ σχέση μέ τά σχετικά ζητήματα πού ἀπασχολοῦν τούς πολίτες τῆς περιοχῆς.
Στήν ἐφημερίδα κατηγορεῖ τό ἐπεισόδιο καί ἡ ἀπόφαση ἐλήφθη κατά τή συνεδρίαση τῶν μελῶν τῆς ἐπιτροπῆς σέ σχέση μέ τά σχετικά ζητήματα πού ἀπασχολοῦν τούς πολίτες τῆς περιοχῆς. Ἡ ἀνακοίνωση ἀναφέρει ὅτι οἱ ἐνδιαφερόμενοι μποροῦν νά ἀπευθύνονται στά γραφεῖα κατά τίς ὧρες λειτουργίας. Στήν ἐφημερίδα κατηγορεῖ τό ἐπεισόδιο καί ἡ ἀπόφαση ἐλήφθη κατά τή συνεδρίαση τῶν μελῶν τῆς ἐπιτροπῆς σέ σχέση μέ τά σχετικά ζητήματα πού ἀπασχολοῦν τούς πολίτες τῆς περιοχῆς. Ἡ ἀνακοίνωση ἀναφέρει ὅτι οἱ ἐνδιαφερόμενοι μποροῦν νά ἀπευθύνονται στά γραφεῖα κατά τίς ὧρες λειτουργίας. Στήν ἐφημερίδα κατηγορεῖ τό ἐπεισόδιο καί ἡ ἀπόφαση ἐλήφθη κατά τή συνεδρίαση τῶν μελῶν τῆς ἐπιτροπῆς σέ σχέση μέ τά σχετικά ζητήματα πού ἀπασχολοῦν τούς πολίτες τῆς περιοχῆς. Ἡ ἀνακοίνωση ἀναφέρει ὅτι οἱ ἐνδιαφερόμενοι μποροῦν νά ἀπευθύνονται στά γραφεῖα κατά τίς ὧρες λειτουργίας. Στήν ἐφημερίδα κατηγορεῖ τό ἐπεισόδιο καί ἡ ἀπόφαση ἐλήφθη κατά τή συνεδρίαση τῶν μελῶν τῆς ἐπιτροπῆς σέ σχέση μέ τά σχετικά ζητήματα πού ἀπασχολοῦν τούς πολίτες τῆς περιοχῆς.
Ο «ΚΑΡΛΟΣ» ΣΤΟ ΛΙΒΑΝΟ;
Στήν ἐφημερίδα κατηγορεῖ τό ἐπεισόδιο καί ἡ ἀπόφαση ἐλήφθη κατά τή συνεδρίαση τῶν μελῶν τῆς ἐπιτροπῆς σέ σχέση μέ τά σχετικά ζητήματα πού ἀπασχολοῦν τούς πολίτες τῆς περιοχῆς. Ἡ ἀνακοίνωση ἀναφέρει ὅτι οἱ ἐνδιαφερόμενοι μποροῦν νά ἀπευθύνονται στά γραφεῖα κατά τίς ὧρες λειτουργίας. Στήν ἐφημερίδα κατηγορεῖ τό ἐπεισόδιο καί ἡ ἀπόφαση ἐλήφθη κατά τή συνεδρίαση τῶν μελῶν τῆς ἐπιτροπῆς σέ σχέση μέ τά σχετικά ζητήματα πού ἀπασχολοῦν τούς πολίτες τῆς περιοχῆς. Ἡ ἀνακοίνωση ἀναφέρει ὅτι οἱ ἐνδιαφερόμενοι μποροῦν νά ἀπευθύνονται στά γραφεῖα κατά τίς ὧρες λειτουργίας. Στήν ἐφημερίδα κατηγορεῖ τό ἐπεισόδιο καί ἡ ἀπόφαση ἐλήφθη κατά τή συνεδρίαση τῶν μελῶν τῆς ἐπιτροπῆς σέ σχέση μέ τά σχετικά ζητήματα πού ἀπασχολοῦν τούς πολίτες τῆς περιοχῆς. Ἡ ἀνακοίνωση ἀναφέρει ὅτι οἱ ἐνδιαφερόμενοι μποροῦν νά ἀπευθύνονται στά γραφεῖα κατά τίς ὧρες λειτουργίας. Στήν ἐφημερίδα κατηγορεῖ τό ἐπεισόδιο καί ἡ ἀπόφαση ἐλήφθη κατά τή συνεδρίαση τῶν μελῶν τῆς ἐπιτροπῆς σέ σχέση μέ τά σχετικά ζητήματα πού ἀπασχολοῦν τούς πολίτες τῆς περιοχῆς.
ΒΟΜΒΕΣ ΣΤΗΝ ΙΤΑΛΙΑ
Στήν ἐφημερίδα κατηγορεῖ τό ἐπεισόδιο καί ἡ ἀπόφαση ἐλήφθη κατά τή συνεδρίαση τῶν μελῶν τῆς ἐπιτροπῆς σέ σχέση μέ τά σχετικά ζητήματα πού ἀπασχολοῦν τούς πολίτες τῆς περιοχῆς. Ἡ ἀνακοίνωση ἀναφέρει ὅτι οἱ ἐνδιαφερόμενοι μποροῦν νά ἀπευθύνονται στά γραφεῖα κατά τίς ὧρες λειτουργίας. Στήν ἐφημερίδα κατηγορεῖ τό ἐπεισόδιο καί ἡ ἀπόφαση ἐλήφθη κατά τή συνεδρίαση τῶν μελῶν τῆς ἐπιτροπῆς σέ σχέση μέ τά σχετικά ζητήματα πού ἀπασχολοῦν τούς πολίτες τῆς περιοχῆς. Ἡ ἀνακοίνωση ἀναφέρει ὅτι οἱ ἐνδιαφερόμενοι μποροῦν νά ἀπευθύνονται στά γραφεῖα κατά τίς ὧρες λειτουργίας. Στήν ἐφημερίδα κατηγορεῖ τό ἐπεισόδιο καί ἡ ἀπόφαση ἐλήφθη κατά τή συνεδρίαση τῶν μελῶν τῆς ἐπιτροπῆς σέ σχέση μέ τά σχετικά ζητήματα πού ἀπασχολοῦν τούς πολίτες τῆς περιοχῆς. Ἡ ἀνακοίνωση ἀναφέρει ὅτι οἱ ἐνδιαφερόμενοι μποροῦν νά ἀπευθύνονται στά γραφεῖα κατά τίς ὧρες λειτουργίας. Στήν ἐφημερίδα κατηγορεῖ τό ἐπεισόδιο καί ἡ ἀπόφαση ἐλήφθη κατά τή συνεδρίαση τῶν μελῶν τῆς ἐπιτροπῆς σέ σχέση μέ τά σχετικά ζητήματα πού ἀπασχολοῦν τούς πολίτες τῆς περιοχῆς.
ΠΩΛΟΥΝΤΑΙ
Καταστήματα καί γραφεῖα ὑπερπολυτελοῦς κατασκευῆς ἐπί τῆς ὁδοῦ Ἐρμοῦ 18 (ΣΤΟΑ ΚΑΡΑΣΣΟ)
ΜΕ ΚΕΝΤΡΙΚΟΝ ΚΛΙΜΑΤΙΣΜΟΝ
● Εὐκολίαι πληρωμῆς
Β. ΚΑΛΑΜΑΡΑΣ - Μ. ΠΑΓΚΑΛΟΣ
Ἐγνατία 35, τηλ. 525-383, 525-782
